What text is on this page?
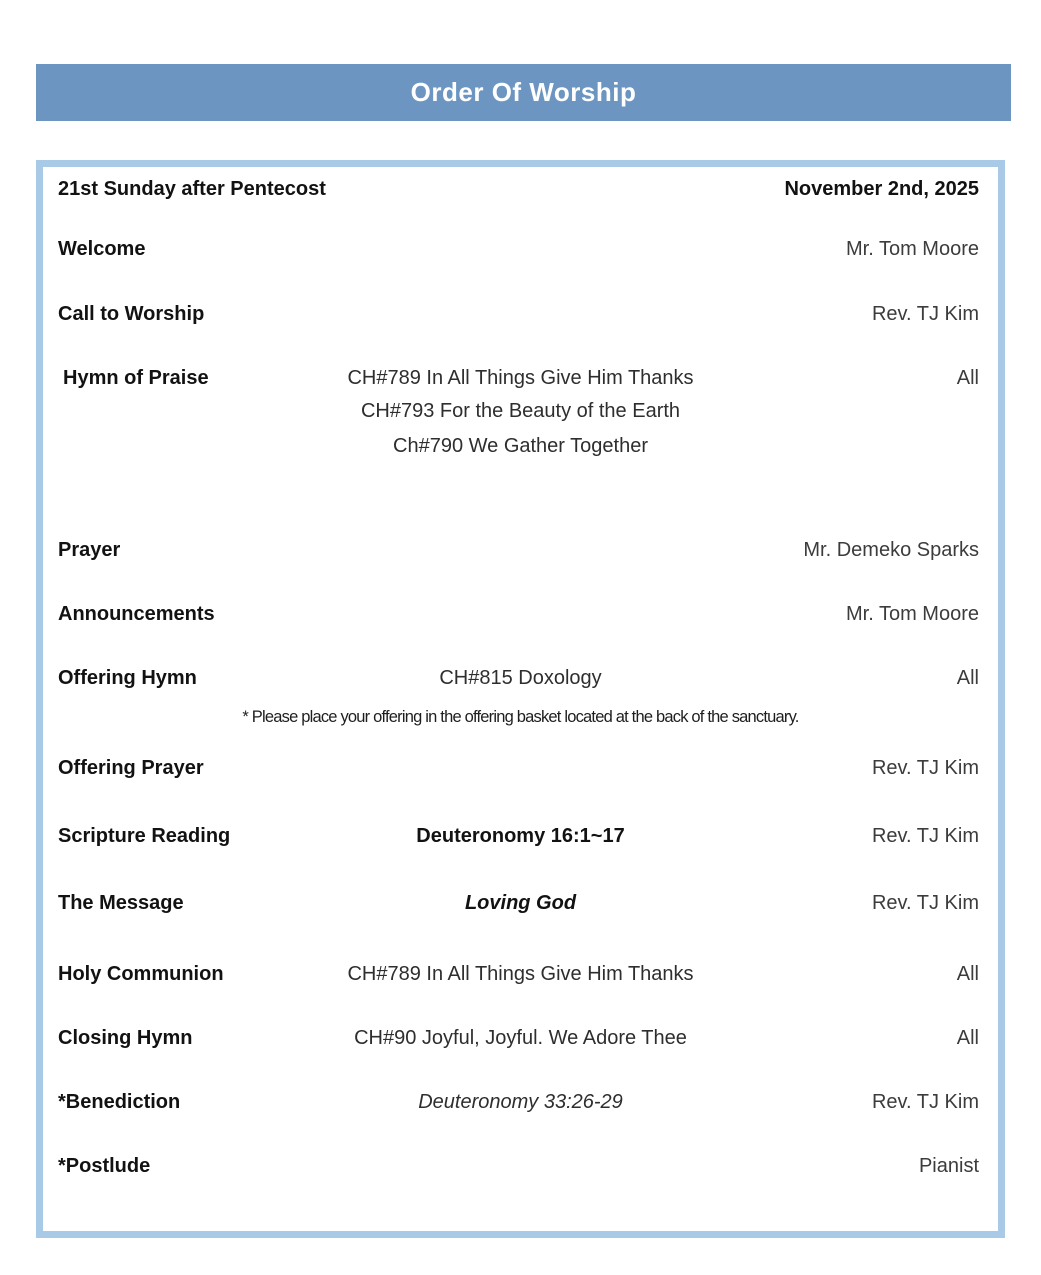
Order Of Worship
21st Sunday after Pentecost	November 2nd, 2025
Welcome	Mr. Tom Moore
Call to Worship	Rev. TJ Kim
Hymn of Praise	CH#789 In All Things Give Him Thanks	All
CH#793 For the Beauty of the Earth
Ch#790 We Gather Together
Prayer	Mr. Demeko Sparks
Announcements	Mr. Tom Moore
Offering Hymn	CH#815 Doxology	All
* Please place your offering in the offering basket located at the back of the sanctuary.
Offering Prayer	Rev. TJ Kim
Scripture Reading	Deuteronomy 16:1~17	Rev. TJ Kim
The Message	Loving God	Rev. TJ Kim
Holy Communion	CH#789 In All Things Give Him Thanks	All
Closing Hymn	CH#90 Joyful, Joyful. We Adore Thee	All
*Benediction	Deuteronomy 33:26-29	Rev. TJ Kim
*Postlude	Pianist
